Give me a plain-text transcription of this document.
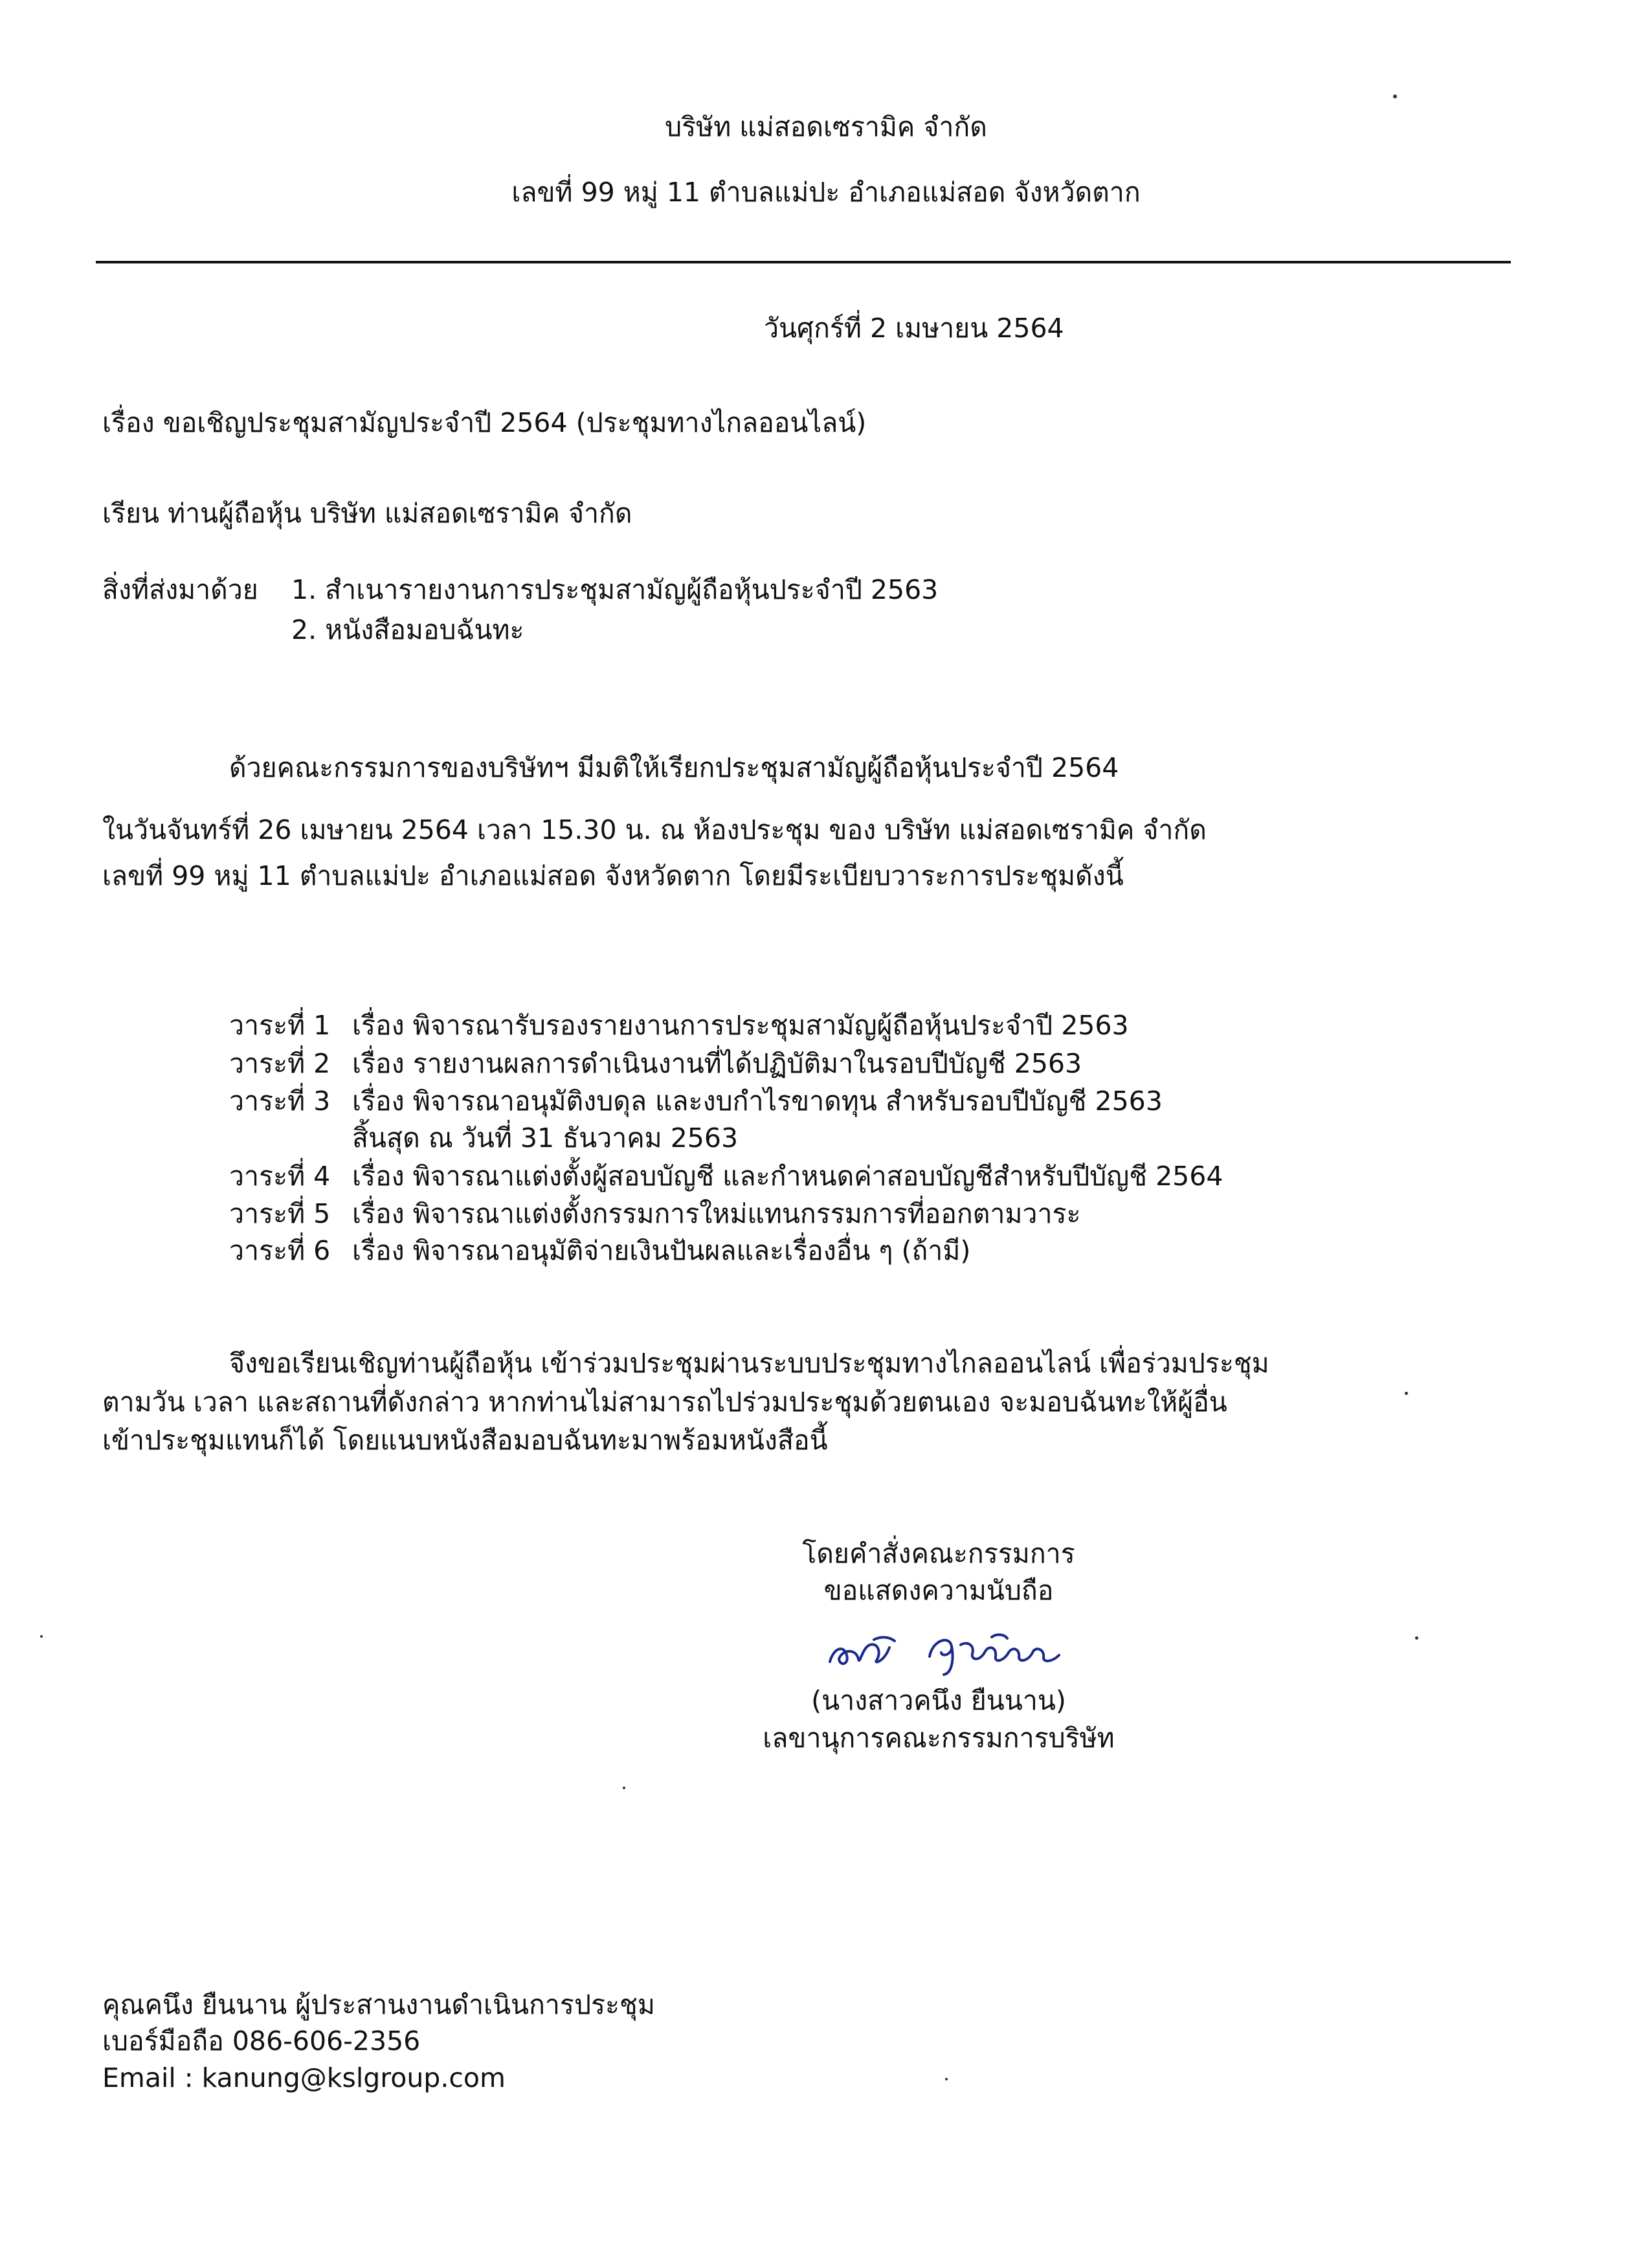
บริษัท แม่สอดเซรามิค จำกัด
เลขที่ 99 หมู่ 11 ตำบลแม่ปะ อำเภอแม่สอด จังหวัดตาก
วันศุกร์ที่ 2 เมษายน 2564
เรื่อง ขอเชิญประชุมสามัญประจำปี 2564 (ประชุมทางไกลออนไลน์)
เรียน ท่านผู้ถือหุ้น บริษัท แม่สอดเซรามิค จำกัด
สิ่งที่ส่งมาด้วย 1. สำเนารายงานการประชุมสามัญผู้ถือหุ้นประจำปี 2563
2. หนังสือมอบฉันทะ
ด้วยคณะกรรมการของบริษัทฯ มีมติให้เรียกประชุมสามัญผู้ถือหุ้นประจำปี 2564
ในวันจันทร์ที่ 26 เมษายน 2564 เวลา 15.30 น. ณ ห้องประชุม ของ บริษัท แม่สอดเซรามิค จำกัด
เลขที่ 99 หมู่ 11 ตำบลแม่ปะ อำเภอแม่สอด จังหวัดตาก โดยมีระเบียบวาระการประชุมดังนี้
วาระที่ 1 เรื่อง พิจารณารับรองรายงานการประชุมสามัญผู้ถือหุ้นประจำปี 2563
วาระที่ 2 เรื่อง รายงานผลการดำเนินงานที่ได้ปฏิบัติมาในรอบปีบัญชี 2563
วาระที่ 3 เรื่อง พิจารณาอนุมัติงบดุล และงบกำไรขาดทุน สำหรับรอบปีบัญชี 2563
สิ้นสุด ณ วันที่ 31 ธันวาคม 2563
วาระที่ 4 เรื่อง พิจารณาแต่งตั้งผู้สอบบัญชี และกำหนดค่าสอบบัญชีสำหรับปีบัญชี 2564
วาระที่ 5 เรื่อง พิจารณาแต่งตั้งกรรมการใหม่แทนกรรมการที่ออกตามวาระ
วาระที่ 6 เรื่อง พิจารณาอนุมัติจ่ายเงินปันผลและเรื่องอื่น ๆ (ถ้ามี)
จึงขอเรียนเชิญท่านผู้ถือหุ้น เข้าร่วมประชุมผ่านระบบประชุมทางไกลออนไลน์ เพื่อร่วมประชุม
ตามวัน เวลา และสถานที่ดังกล่าว หากท่านไม่สามารถไปร่วมประชุมด้วยตนเอง จะมอบฉันทะให้ผู้อื่น
เข้าประชุมแทนก็ได้ โดยแนบหนังสือมอบฉันทะมาพร้อมหนังสือนี้
โดยคำสั่งคณะกรรมการ
ขอแสดงความนับถือ
(นางสาวคนึง ยืนนาน)
เลขานุการคณะกรรมการบริษัท
คุณคนึง ยืนนาน ผู้ประสานงานดำเนินการประชุม
เบอร์มือถือ 086-606-2356
Email : kanung@kslgroup.com
